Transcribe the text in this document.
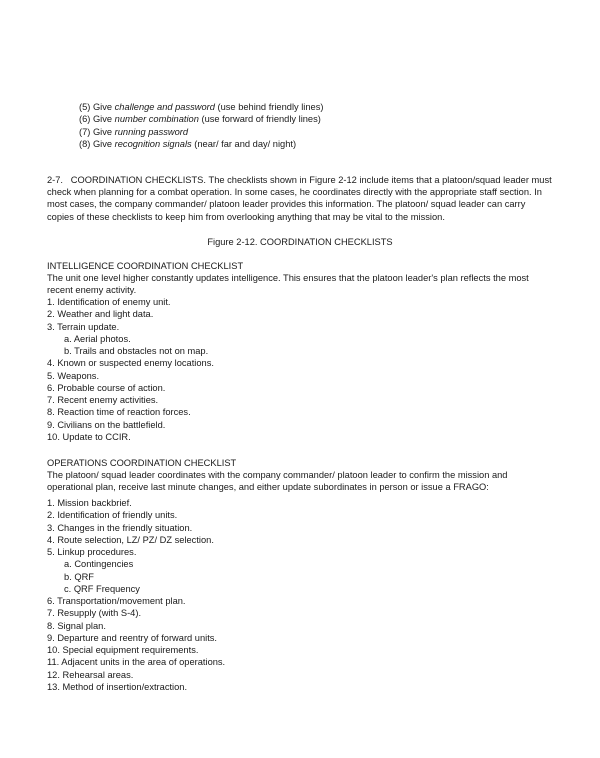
(5) Give challenge and password (use behind friendly lines)
(6) Give number combination (use forward of friendly lines)
(7) Give running password
(8) Give recognition signals (near/ far and day/ night)
2-7. COORDINATION CHECKLISTS. The checklists shown in Figure 2-12 include items that a platoon/squad leader must check when planning for a combat operation. In some cases, he coordinates directly with the appropriate staff section. In most cases, the company commander/ platoon leader provides this information. The platoon/ squad leader can carry copies of these checklists to keep him from overlooking anything that may be vital to the mission.
Figure 2-12. COORDINATION CHECKLISTS
INTELLIGENCE COORDINATION CHECKLIST
The unit one level higher constantly updates intelligence. This ensures that the platoon leader's plan reflects the most recent enemy activity.
1. Identification of enemy unit.
2. Weather and light data.
3. Terrain update.
a. Aerial photos.
b. Trails and obstacles not on map.
4. Known or suspected enemy locations.
5. Weapons.
6. Probable course of action.
7. Recent enemy activities.
8. Reaction time of reaction forces.
9. Civilians on the battlefield.
10. Update to CCIR.
OPERATIONS COORDINATION CHECKLIST
The platoon/ squad leader coordinates with the company commander/ platoon leader to confirm the mission and operational plan, receive last minute changes, and either update subordinates in person or issue a FRAGO:
1. Mission backbrief.
2. Identification of friendly units.
3. Changes in the friendly situation.
4. Route selection, LZ/ PZ/ DZ selection.
5. Linkup procedures.
a. Contingencies
b. QRF
c. QRF Frequency
6. Transportation/movement plan.
7. Resupply (with S-4).
8. Signal plan.
9. Departure and reentry of forward units.
10. Special equipment requirements.
11. Adjacent units in the area of operations.
12. Rehearsal areas.
13. Method of insertion/extraction.
